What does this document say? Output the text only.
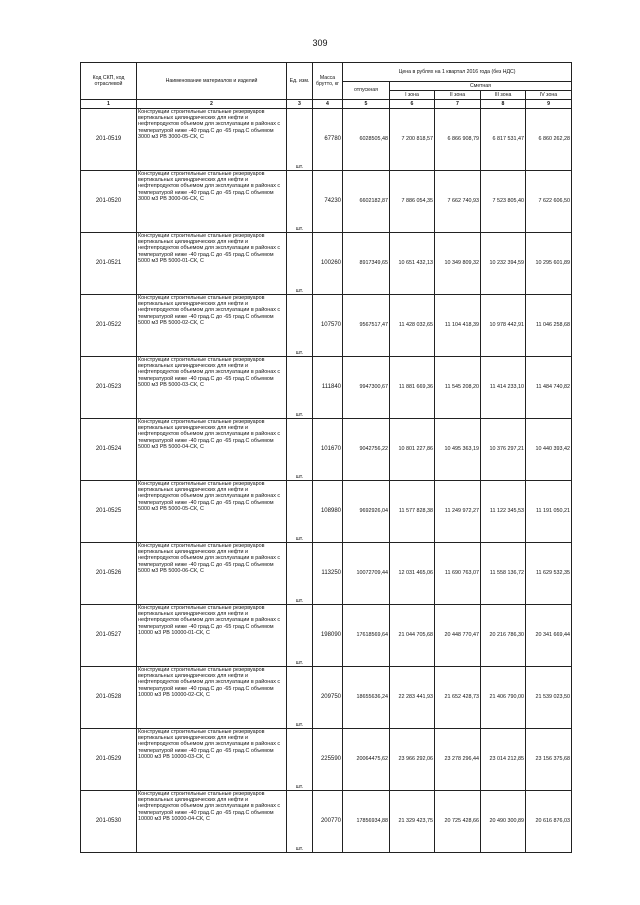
309
Код СКП, код отраслевой	Наименование материалов и изделий	Ед. изм.	Масса брутто, кг	Цена в рублях на 1 квартал 2016 года (без НДС)				
				отпускная	Сметная			
					I зона	II зона	III зона	IV зона
1	2	3	4	5	6	7	8	9
201-0519	Конструкции строительные стальные резервуаров вертикальных цилиндрических для нефти и нефтепродуктов объемом для эксплуатации в районах с температурой ниже -40 град.С до -65 град.С объемом 3000 м3 РВ 3000-05-СК, С	шт.	67780	6028505,48	7 200 818,57	6 866 908,79	6 817 531,47	6 860 262,28
201-0520	Конструкции строительные стальные резервуаров вертикальных цилиндрических для нефти и нефтепродуктов объемом для эксплуатации в районах с температурой ниже -40 град.С до -65 град.С объемом 3000 м3 РВ 3000-06-СК, С	шт.	74230	6602182,87	7 886 054,35	7 662 740,93	7 523 805,40	7 622 606,50
201-0521	Конструкции строительные стальные резервуаров вертикальных цилиндрических для нефти и нефтепродуктов объемом для эксплуатации в районах с температурой ниже -40 град.С до -65 град.С объемом 5000 м3 РВ 5000-01-СК, С	шт.	100260	8917349,65	10 651 432,13	10 349 809,32	10 232 394,59	10 295 601,89
201-0522	Конструкции строительные стальные резервуаров вертикальных цилиндрических для нефти и нефтепродуктов объемом для эксплуатации в районах с температурой ниже -40 град.С до -65 град.С объемом 5000 м3 РВ 5000-02-СК, С	шт.	107570	9567517,47	11 428 032,65	11 104 418,39	10 978 442,91	11 046 258,68
201-0523	Конструкции строительные стальные резервуаров вертикальных цилиндрических для нефти и нефтепродуктов объемом для эксплуатации в районах с температурой ниже -40 град.С до -65 град.С объемом 5000 м3 РВ 5000-03-СК, С	шт.	111840	9947300,67	11 881 669,36	11 545 208,20	11 414 233,10	11 484 740,82
201-0524	Конструкции строительные стальные резервуаров вертикальных цилиндрических для нефти и нефтепродуктов объемом для эксплуатации в районах с температурой ниже -40 град.С до -65 град.С объемом 5000 м3 РВ 5000-04-СК, С	шт.	101670	9042756,22	10 801 227,86	10 495 363,19	10 376 297,21	10 440 393,42
201-0525	Конструкции строительные стальные резервуаров вертикальных цилиндрических для нефти и нефтепродуктов объемом для эксплуатации в районах с температурой ниже -40 град.С до -65 град.С объемом 5000 м3 РВ 5000-05-СК, С	шт.	108980	9692926,04	11 577 828,38	11 249 972,27	11 122 345,53	11 191 050,21
201-0526	Конструкции строительные стальные резервуаров вертикальных цилиндрических для нефти и нефтепродуктов объемом для эксплуатации в районах с температурой ниже -40 град.С до -65 град.С объемом 5000 м3 РВ 5000-06-СК, С	шт.	113250	10072709,44	12 031 465,06	11 690 763,07	11 558 136,72	11 629 532,35
201-0527	Конструкции строительные стальные резервуаров вертикальных цилиндрических для нефти и нефтепродуктов объемом для эксплуатации в районах с температурой ниже -40 град.С до -65 град.С объемом 10000 м3 РВ 10000-01-СК, С	шт.	198090	17618569,64	21 044 705,68	20 448 770,47	20 216 786,30	20 341 669,44
201-0528	Конструкции строительные стальные резервуаров вертикальных цилиндрических для нефти и нефтепродуктов объемом для эксплуатации в районах с температурой ниже -40 град.С до -65 град.С объемом 10000 м3 РВ 10000-02-СК, С	шт.	209750	18655636,24	22 283 441,93	21 652 428,73	21 406 790,00	21 539 023,50
201-0529	Конструкции строительные стальные резервуаров вертикальных цилиндрических для нефти и нефтепродуктов объемом для эксплуатации в районах с температурой ниже -40 град.С до -65 град.С объемом 10000 м3 РВ 10000-03-СК, С	шт.	225590	20064475,62	23 966 292,06	23 278 296,44	23 014 212,85	23 156 375,68
201-0530	Конструкции строительные стальные резервуаров вертикальных цилиндрических для нефти и нефтепродуктов объемом для эксплуатации в районах с температурой ниже -40 град.С до -65 град.С объемом 10000 м3 РВ 10000-04-СК, С	шт.	200770	17856934,88	21 329 423,75	20 725 428,66	20 490 300,89	20 616 876,03
